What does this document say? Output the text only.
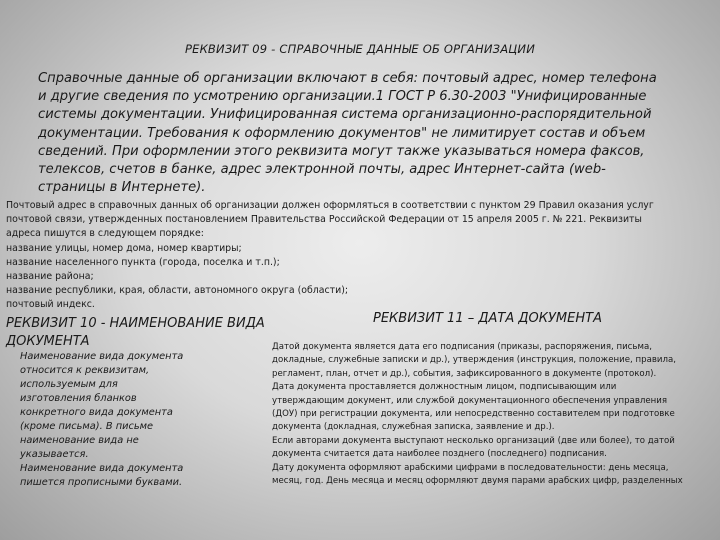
РЕКВИЗИТ 09 - СПРАВОЧНЫЕ ДАННЫЕ ОБ ОРГАНИЗАЦИИ
Справочные данные об организации включают в себя: почтовый адрес, номер телефона и другие сведения по усмотрению организации.1 ГОСТ Р 6.30-2003 "Унифицированные системы документации. Унифицированная система организационно-распорядительной документации. Требования к оформлению документов" не лимитирует состав и объем сведений. При оформлении этого реквизита могут также указываться номера факсов, телексов, счетов в банке, адрес электронной почты, адрес Интернет-сайта (web-страницы в Интернете).
Почтовый адрес в справочных данных об организации должен оформляться в соответствии с пунктом 29 Правил оказания услуг
почтовой связи, утвержденных постановлением Правительства Российской Федерации от 15 апреля 2005 г. № 221. Реквизиты
адреса пишутся в следующем порядке:
название улицы, номер дома, номер квартиры;
название населенного пункта (города, поселка и т.п.);
название района;
название республики, края, области, автономного округа (области);
почтовый индекс.
РЕКВИЗИТ 10 - НАИМЕНОВАНИЕ ВИДА ДОКУМЕНТА
Наименование вида документа
относится к реквизитам,
используемым для
изготовления бланков
конкретного вида документа
(кроме письма). В письме
наименование вида не
указывается.
Наименование вида документа
пишется прописными буквами.
РЕКВИЗИТ 11 – ДАТА ДОКУМЕНТА
Датой документа является дата его подписания (приказы, распоряжения, письма,
докладные, служебные записки и др.), утверждения (инструкция, положение, правила,
регламент, план, отчет и др.), события, зафиксированного в документе (протокол).
Дата документа проставляется должностным лицом, подписывающим или
утверждающим документ, или службой документационного обеспечения управления
(ДОУ) при регистрации документа, или непосредственно составителем при подготовке
документа (докладная, служебная записка, заявление и др.).
Если авторами документа выступают несколько организаций (две или более), то датой
документа считается дата наиболее позднего (последнего) подписания.
Дату документа оформляют арабскими цифрами в последовательности: день месяца,
месяц, год. День месяца и месяц оформляют двумя парами арабских цифр, разделенных
